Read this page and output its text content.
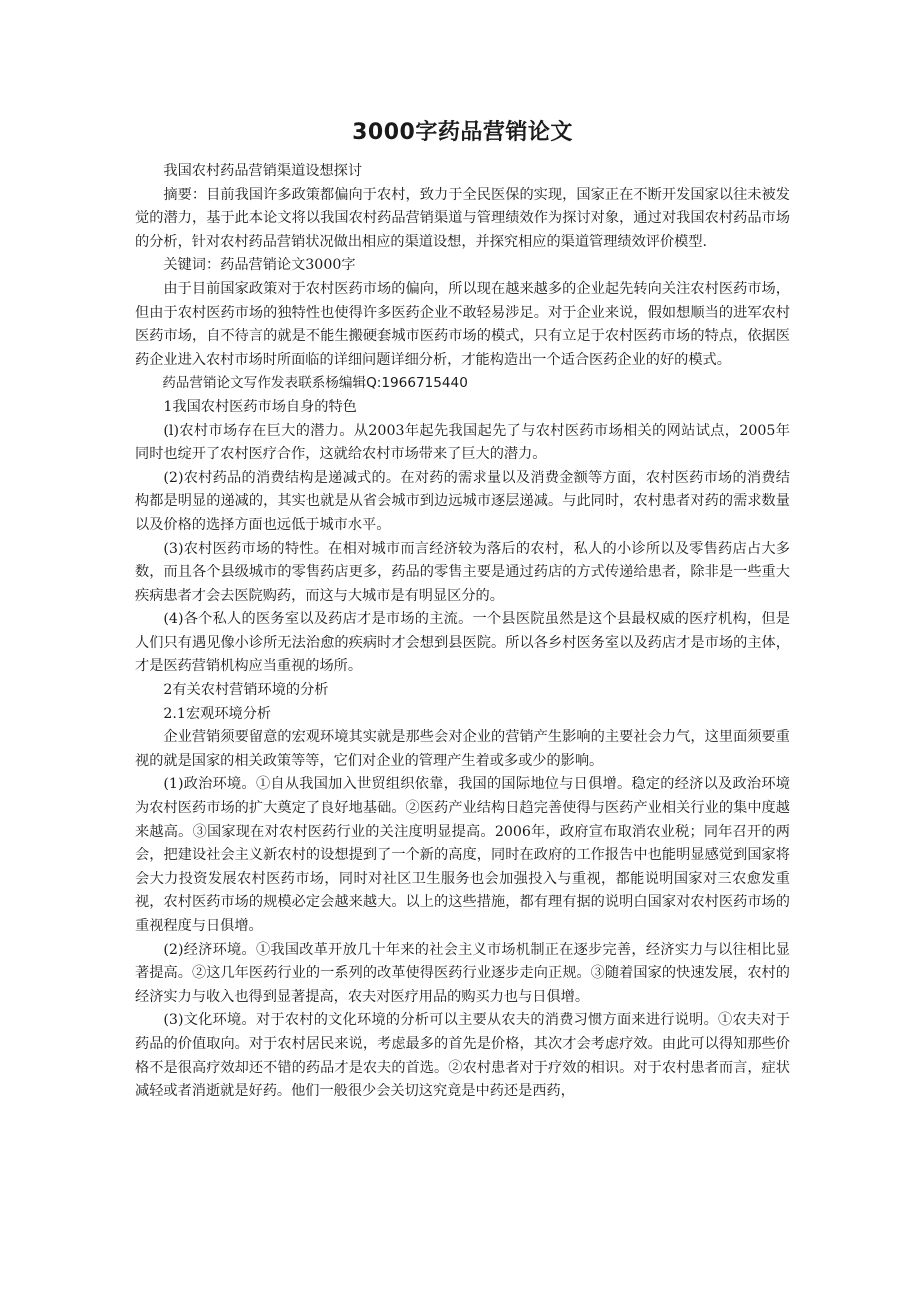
3000字药品营销论文

我国农村药品营销渠道设想探讨

摘要：目前我国许多政策都偏向于农村，致力于全民医保的实现，国家正在不断开发国家以往未被发觉的潜力，基于此本论文将以我国农村药品营销渠道与管理绩效作为探讨对象，通过对我国农村药品市场的分析，针对农村药品营销状况做出相应的渠道设想，并探究相应的渠道管理绩效评价模型.

关键词：药品营销论文3000字

由于目前国家政策对于农村医药市场的偏向，所以现在越来越多的企业起先转向关注农村医药市场，但由于农村医药市场的独特性也使得许多医药企业不敢轻易涉足。对于企业来说，假如想顺当的进军农村医药市场，自不待言的就是不能生搬硬套城市医药市场的模式，只有立足于农村医药市场的特点，依据医药企业进入农村市场时所面临的详细问题详细分析，才能构造出一个适合医药企业的好的模式。

药品营销论文写作发表联系杨编辑Q:1966715440

1我国农村医药市场自身的特色

(l)农村市场存在巨大的潜力。从2003年起先我国起先了与农村医药市场相关的网站试点，2005年同时也绽开了农村医疗合作，这就给农村市场带来了巨大的潜力。

(2)农村药品的消费结构是递减式的。在对药的需求量以及消费金额等方面，农村医药市场的消费结构都是明显的递减的，其实也就是从省会城市到边远城市逐层递减。与此同时，农村患者对药的需求数量以及价格的选择方面也远低于城市水平。

(3)农村医药市场的特性。在相对城市而言经济较为落后的农村，私人的小诊所以及零售药店占大多数，而且各个县级城市的零售药店更多，药品的零售主要是通过药店的方式传递给患者，除非是一些重大疾病患者才会去医院购药，而这与大城市是有明显区分的。

(4)各个私人的医务室以及药店才是市场的主流。一个县医院虽然是这个县最权威的医疗机构，但是人们只有遇见像小诊所无法治愈的疾病时才会想到县医院。所以各乡村医务室以及药店才是市场的主体，才是医药营销机构应当重视的场所。

2有关农村营销环境的分析

2.1宏观环境分析

企业营销须要留意的宏观环境其实就是那些会对企业的营销产生影响的主要社会力气，这里面须要重视的就是国家的相关政策等等，它们对企业的管理产生着或多或少的影响。

(1)政治环境。①自从我国加入世贸组织依靠，我国的国际地位与日俱增。稳定的经济以及政治环境为农村医药市场的扩大奠定了良好地基础。②医药产业结构日趋完善使得与医药产业相关行业的集中度越来越高。③国家现在对农村医药行业的关注度明显提高。2006年，政府宣布取消农业税；同年召开的两会，把建设社会主义新农村的设想提到了一个新的高度，同时在政府的工作报告中也能明显感觉到国家将会大力投资发展农村医药市场，同时对社区卫生服务也会加强投入与重视，都能说明国家对三农愈发重视，农村医药市场的规模必定会越来越大。以上的这些措施，都有理有据的说明白国家对农村医药市场的重视程度与日俱增。

(2)经济环境。①我国改革开放几十年来的社会主义市场机制正在逐步完善，经济实力与以往相比显著提高。②这几年医药行业的一系列的改革使得医药行业逐步走向正规。③随着国家的快速发展，农村的经济实力与收入也得到显著提高，农夫对医疗用品的购买力也与日俱增。

(3)文化环境。对于农村的文化环境的分析可以主要从农夫的消费习惯方面来进行说明。①农夫对于药品的价值取向。对于农村居民来说，考虑最多的首先是价格，其次才会考虑疗效。由此可以得知那些价格不是很高疗效却还不错的药品才是农夫的首选。②农村患者对于疗效的相识。对于农村患者而言，症状减轻或者消逝就是好药。他们一般很少会关切这究竟是中药还是西药，
